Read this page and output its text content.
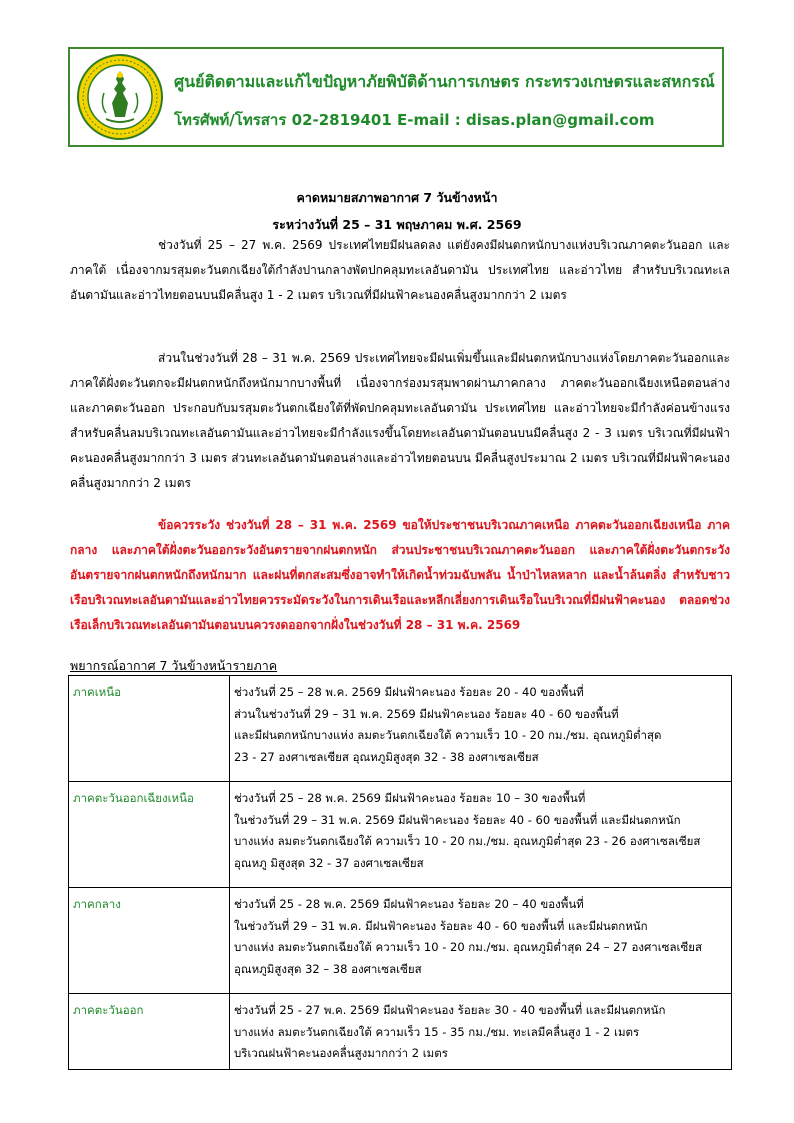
ศูนย์ติดตามและแก้ไขปัญหาภัยพิบัติด้านการเกษตร กระทรวงเกษตรและสหกรณ์
โทรศัพท์/โทรสาร 02-2819401 E-mail : disas.plan@gmail.com
คาดหมายสภาพอากาศ 7 วันข้างหน้า
ระหว่างวันที่ 25 – 31 พฤษภาคม พ.ศ. 2569

ช่วงวันที่ 25 – 27 พ.ค. 2569 ประเทศไทยมีฝนลดลง แต่ยังคงมีฝนตกหนักบางแห่งบริเวณภาคตะวันออก และภาคใต้ เนื่องจากมรสุมตะวันตกเฉียงใต้กำลังปานกลางพัดปกคลุมทะเลอันดามัน ประเทศไทย และอ่าวไทย สำหรับบริเวณทะเลอันดามันและอ่าวไทยตอนบนมีคลื่นสูง 1 - 2 เมตร บริเวณที่มีฝนฟ้าคะนองคลื่นสูงมากกว่า 2 เมตร

ส่วนในช่วงวันที่ 28 – 31 พ.ค. 2569 ประเทศไทยจะมีฝนเพิ่มขึ้นและมีฝนตกหนักบางแห่งโดยภาคตะวันออกและภาคใต้ฝั่งตะวันตกจะมีฝนตกหนักถึงหนักมากบางพื้นที่ เนื่องจากร่องมรสุมพาดผ่านภาคกลาง ภาคตะวันออกเฉียงเหนือตอนล่าง และภาคตะวันออก ประกอบกับมรสุมตะวันตกเฉียงใต้ที่พัดปกคลุมทะเลอันดามัน ประเทศไทย และอ่าวไทยจะมีกำลังค่อนข้างแรง สำหรับคลื่นลมบริเวณทะเลอันดามันและอ่าวไทยจะมีกำลังแรงขึ้นโดยทะเลอันดามันตอนบนมีคลื่นสูง 2 - 3 เมตร บริเวณที่มีฝนฟ้าคะนองคลื่นสูงมากกว่า 3 เมตร ส่วนทะเลอันดามันตอนล่างและอ่าวไทยตอนบน มีคลื่นสูงประมาณ 2 เมตร บริเวณที่มีฝนฟ้าคะนองคลื่นสูงมากกว่า 2 เมตร

ข้อควรระวัง ช่วงวันที่ 28 – 31 พ.ค. 2569 ขอให้ประชาชนบริเวณภาคเหนือ ภาคตะวันออกเฉียงเหนือ ภาคกลาง และภาคใต้ฝั่งตะวันออกระวังอันตรายจากฝนตกหนัก ส่วนประชาชนบริเวณภาคตะวันออก และภาคใต้ฝั่งตะวันตกระวังอันตรายจากฝนตกหนักถึงหนักมาก และฝนที่ตกสะสมซึ่งอาจทำให้เกิดน้ำท่วมฉับพลัน น้ำป่าไหลหลาก และน้ำล้นตลิ่ง สำหรับชาวเรือบริเวณทะเลอันดามันและอ่าวไทยควรระมัดระวังในการเดินเรือและหลีกเลี่ยงการเดินเรือในบริเวณที่มีฝนฟ้าคะนอง ตลอดช่วง เรือเล็กบริเวณทะเลอันดามันตอนบนควรงดออกจากฝั่งในช่วงวันที่ 28 – 31 พ.ค. 2569

พยากรณ์อากาศ 7 วันข้างหน้ารายภาค
ภาคเหนือ	ช่วงวันที่ 25 – 28 พ.ค. 2569 มีฝนฟ้าคะนอง ร้อยละ 20 - 40 ของพื้นที่
ส่วนในช่วงวันที่ 29 – 31 พ.ค. 2569 มีฝนฟ้าคะนอง ร้อยละ 40 - 60 ของพื้นที่
และมีฝนตกหนักบางแห่ง ลมตะวันตกเฉียงใต้ ความเร็ว 10 - 20 กม./ชม. อุณหภูมิต่ำสุด
23 - 27 องศาเซลเซียส อุณหภูมิสูงสุด 32 - 38 องศาเซลเซียส

ภาคตะวันออกเฉียงเหนือ	ช่วงวันที่ 25 – 28 พ.ค. 2569 มีฝนฟ้าคะนอง ร้อยละ 10 – 30 ของพื้นที่
ในช่วงวันที่ 29 – 31 พ.ค. 2569 มีฝนฟ้าคะนอง ร้อยละ 40 - 60 ของพื้นที่ และมีฝนตกหนัก
บางแห่ง ลมตะวันตกเฉียงใต้ ความเร็ว 10 - 20 กม./ชม. อุณหภูมิต่ำสุด 23 - 26 องศาเซลเซียส
อุณหภู มิสูงสุด 32 - 37 องศาเซลเซียส

ภาคกลาง	ช่วงวันที่ 25 - 28 พ.ค. 2569 มีฝนฟ้าคะนอง ร้อยละ 20 – 40 ของพื้นที่
ในช่วงวันที่ 29 – 31 พ.ค. มีฝนฟ้าคะนอง ร้อยละ 40 - 60 ของพื้นที่ และมีฝนตกหนัก
บางแห่ง ลมตะวันตกเฉียงใต้ ความเร็ว 10 - 20 กม./ชม. อุณหภูมิต่ำสุด 24 – 27 องศาเซลเซียส
อุณหภูมิสูงสุด 32 – 38 องศาเซลเซียส

ภาคตะวันออก	ช่วงวันที่ 25 - 27 พ.ค. 2569 มีฝนฟ้าคะนอง ร้อยละ 30 - 40 ของพื้นที่ และมีฝนตกหนัก
บางแห่ง ลมตะวันตกเฉียงใต้ ความเร็ว 15 - 35 กม./ชม. ทะเลมีคลื่นสูง 1 - 2 เมตร
บริเวณฝนฟ้าคะนองคลื่นสูงมากกว่า 2 เมตร
